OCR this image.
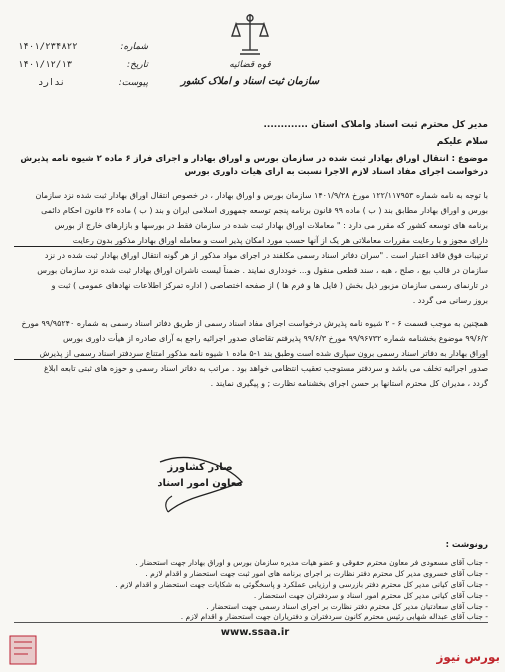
قوه قضائیه
سازمان ثبت اسناد و املاک کشور
شماره:
۱۴۰۱/۲۳۴۸۲۲
تاریخ:
۱۴۰۱/۱۲/۱۳
پیوست:
ندارد
مدیر کل محترم ثبت اسناد واملاک استان .............
سلام علیکم
موضوع : انتقال اوراق بهادار ثبت شده در سازمان بورس و اوراق بهادار و اجرای فراز ۶ ماده ۲ شیوه نامه پذیرش
درخواست اجرای مفاد اسناد لازم الاجرا نسبت به آرای هیات داوری بورس
با توجه به نامه شماره ۱۲۲/۱۱۷۹۵۳ مورخ ۱۴۰۱/۹/۲۸ سازمان بورس و اوراق بهادار ، در خصوص انتقال اوراق بهادار ثبت شده نزد سازمان
بورس و اوراق بهادار مطابق بند ( ب ) ماده ۹۹ قانون برنامه پنجم توسعه جمهوری اسلامی ایران و بند ( ب ) ماده ۳۶ قانون احکام دائمی
برنامه های توسعه کشور که مقرر می دارد : " معاملات اوراق بهادار ثبت شده در سازمان فقط در بورسها و بازارهای خارج از بورس
دارای مجوز و با رعایت مقررات معاملاتی هر یک از آنها حسب مورد امکان پذیر است و معامله اوراق بهادار مذکور بدون رعایت
ترتیبات فوق فاقد اعتبار است . "سران دفاتر اسناد رسمی مکلفند در اجرای مواد مذکور از هر گونه انتقال اوراق بهادار ثبت شده در نزد
سازمان در قالب بیع ، صلح ، هبه ، سند قطعی منقول و... خودداری نمایند . ضمناً لیست ناشران اوراق بهادار ثبت شده نزد سازمان بورس
در تارنمای رسمی سازمان مزبور ذیل بخش ( فایل ها و فرم ها ) از صفحه اختصاصی ( اداره تمرکز اطلاعات نهادهای عمومی ) ثبت و
بروز رسانی می گردد .
همچنین به موجب قسمت ۶ - ۲ شیوه نامه پذیرش درخواست اجرای مفاد اسناد رسمی از طریق دفاتر اسناد رسمی به شماره ۹۹/۹۵۲۴۰ مورخ
۹۹/۶/۲ موضوع بخشنامه شماره ۹۹/۹۶۷۳۲ مورخ ۹۹/۶/۳ پذیرفتم تقاضای صدور اجرائیه راجع به آرای صادره از هیأت داوری بورس
اوراق بهادار به دفاتر اسناد رسمی برون سپاری شده است وطبق بند ۱-۵ ماده ۱ شیوه نامه مذکور امتناع سردفتر اسناد رسمی از پذیرش
صدور اجرائیه تخلف می باشد و سردفتر مستوجب تعقیب انتظامی خواهد بود . مراتب به دفاتر اسناد رسمی و حوزه های ثبتی تابعه ابلاغ
گردد ، مدیران کل محترم استانها بر حسن اجرای بخشنامه نظارت ; و پیگیری نمایند .
صادر کشاورز
معاون امور اسناد
رونوشت :
- جناب آقای مسعودی فر معاون محترم حقوقی و عضو هیات مدیره سازمان بورس و اوراق بهادار جهت استحضار .
- جناب آقای خسروی مدیر کل محترم دفتر نظارت بر اجرای برنامه های امور ثبت جهت استحضار و اقدام لازم .
- جناب آقای کیانی مدیر کل محترم دفتر بازرسی و ارزیابی عملکرد و پاسخگوئی به شکایات جهت استحضار و اقدام لازم .
- جناب آقای کیانی مدیر کل محترم امور اسناد و سردفتران جهت استحضار .
- جناب آقای سعادتیان مدیر کل محترم دفتر نظارت بر اجرای اسناد رسمی جهت استحضار .
- جناب آقای عبداله شهابی رئیس محترم کانون سردفتران و دفتریاران جهت استحضار و اقدام لازم .
www.ssaa.ir
بورس نیوز
